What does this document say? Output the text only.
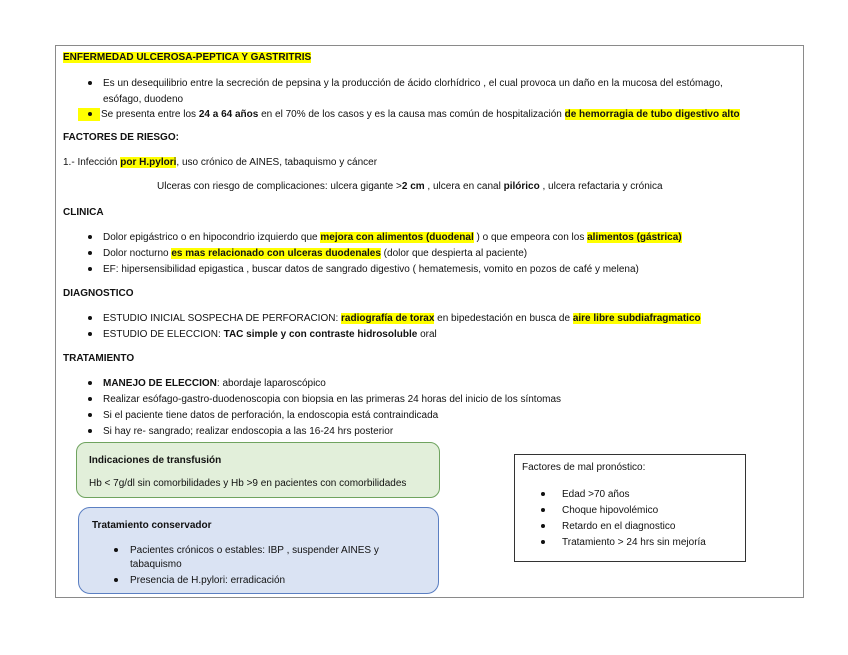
ENFERMEDAD ULCEROSA-PEPTICA Y GASTRITRIS
Es un desequilibrio entre la secreción de pepsina y la producción de ácido clorhídrico , el cual provoca un daño en la mucosa del estómago,
esófago, duodeno
Se presenta entre los 24 a 64 años en el 70% de los casos y es la causa mas común de hospitalización de hemorragia de tubo digestivo alto
FACTORES DE RIESGO:
1.- Infección por H.pylori, uso crónico de AINES, tabaquismo y cáncer
Ulceras con riesgo de complicaciones: ulcera gigante >2 cm , ulcera en canal pilórico , ulcera refactaria y crónica
CLINICA
Dolor epigástrico o en hipocondrio izquierdo que mejora con alimentos (duodenal ) o que empeora con los alimentos (gástrica)
Dolor nocturno es mas relacionado con ulceras duodenales (dolor que despierta al paciente)
EF: hipersensibilidad epigastica , buscar datos de sangrado digestivo ( hematemesis, vomito en pozos de café y melena)
DIAGNOSTICO
ESTUDIO INICIAL SOSPECHA DE PERFORACION: radiografía de torax en bipedestación en busca de aire libre subdiafragmatico
ESTUDIO DE ELECCION: TAC simple y con contraste hidrosoluble oral
TRATAMIENTO
MANEJO DE ELECCION: abordaje laparoscópico
Realizar esófago-gastro-duodenoscopia con biopsia en las primeras 24 horas del inicio de los síntomas
Si el paciente tiene datos de perforación, la endoscopia está contraindicada
Si hay re- sangrado; realizar endoscopia a las 16-24 hrs posterior
Indicaciones de transfusión
Hb < 7g/dl sin comorbilidades y Hb >9 en pacientes con comorbilidades
Tratamiento conservador
Pacientes crónicos o estables: IBP , suspender AINES y
tabaquismo
Presencia de H.pylori: erradicación
Factores de mal pronóstico:
Edad >70 años
Choque hipovolémico
Retardo en el diagnostico
Tratamiento > 24 hrs sin mejoría
